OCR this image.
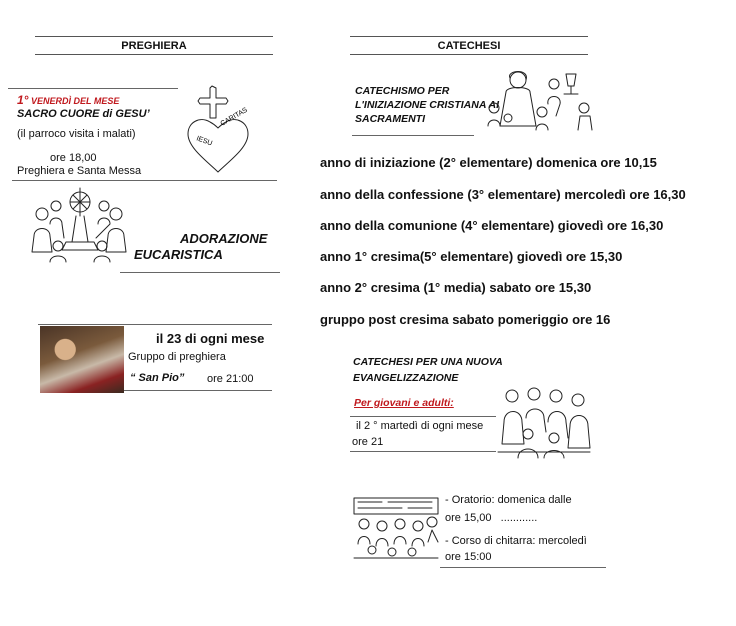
PREGHIERA
1° VENERDÌ DEL MESE
SACRO CUORE di GESU’
(il parroco visita i malati)
ore 18,00
Preghiera e Santa Messa
IESU
CARITAS
ADORAZIONE
EUCARISTICA
il 23 di ogni mese
Gruppo di preghiera
“ San Pio” ore 21:00
CATECHESI
CATECHISMO PER
L'INIZIAZIONE CRISTIANA AI
SACRAMENTI
anno di iniziazione (2° elementare) domenica ore 10,15
anno della confessione (3° elementare) mercoledì ore 16,30
anno della comunione (4° elementare) giovedì ore 16,30
anno 1° cresima(5° elementare) giovedì ore 15,30
anno 2° cresima (1° media) sabato ore 15,30
gruppo post cresima sabato pomeriggio ore 16
CATECHESI PER UNA NUOVA
EVANGELIZZAZIONE
Per giovani e adulti:
il 2 ° martedì di ogni mese
ore 21
- Oratorio: domenica dalle
ore 15,00   ............
- Corso di chitarra: mercoledì
ore 15:00
